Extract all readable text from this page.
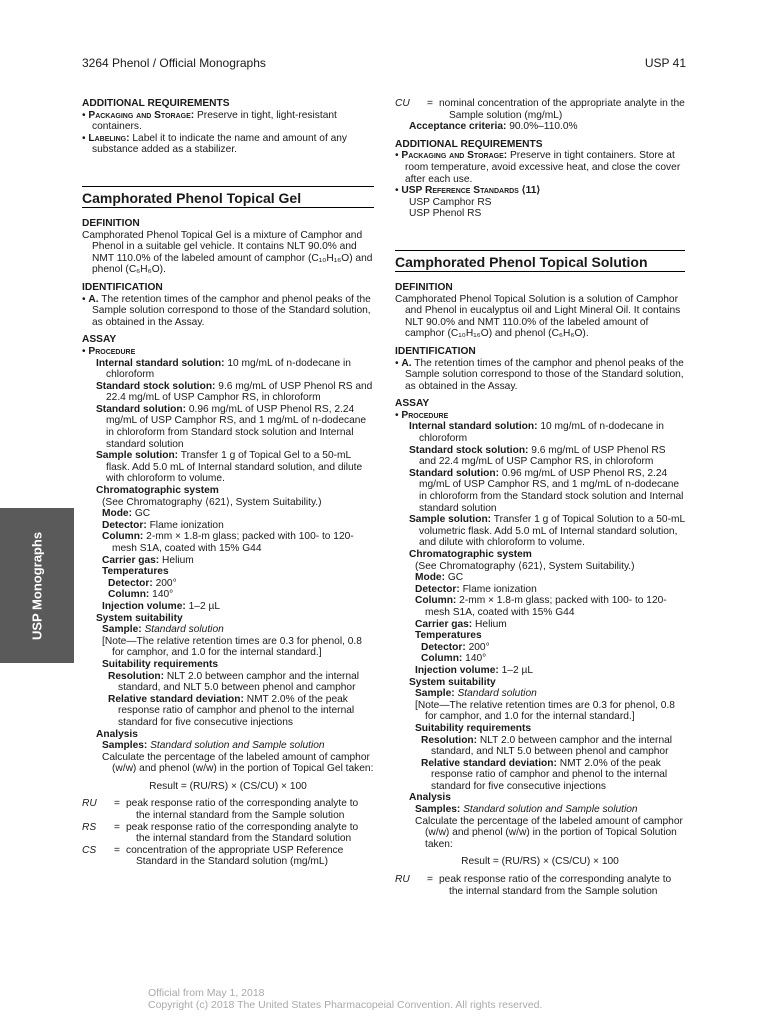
3264 Phenol / Official Monographs	USP 41
USP Monographs

ADDITIONAL REQUIREMENTS

• Packaging and Storage: Preserve in tight, light-resistant containers.

• Labeling: Label it to indicate the name and amount of any substance added as a stabilizer.

Camphorated Phenol Topical Gel

DEFINITION

Camphorated Phenol Topical Gel is a mixture of Camphor and Phenol in a suitable gel vehicle. It contains NLT 90.0% and NMT 110.0% of the labeled amount of camphor (C₁₀H₁₆O) and phenol (C₆H₆O).

IDENTIFICATION

• A. The retention times of the camphor and phenol peaks of the Sample solution correspond to those of the Standard solution, as obtained in the Assay.

ASSAY

• Procedure

Internal standard solution: 10 mg/mL of n-dodecane in chloroform

Standard stock solution: 9.6 mg/mL of USP Phenol RS and 22.4 mg/mL of USP Camphor RS, in chloroform

Standard solution: 0.96 mg/mL of USP Phenol RS, 2.24 mg/mL of USP Camphor RS, and 1 mg/mL of n-dodecane in chloroform from Standard stock solution and Internal standard solution

Sample solution: Transfer 1 g of Topical Gel to a 50-mL flask. Add 5.0 mL of Internal standard solution, and dilute with chloroform to volume.

Chromatographic system

(See Chromatography ⟨621⟩, System Suitability.)

Mode: GC

Detector: Flame ionization

Column: 2-mm × 1.8-m glass; packed with 100- to 120-mesh S1A, coated with 15% G44

Carrier gas: Helium

Temperatures

Detector: 200°

Column: 140°

Injection volume: 1–2 µL

System suitability

Sample: Standard solution

[Note—The relative retention times are 0.3 for phenol, 0.8 for camphor, and 1.0 for the internal standard.]

Suitability requirements

Resolution: NLT 2.0 between camphor and the internal standard, and NLT 5.0 between phenol and camphor

Relative standard deviation: NMT 2.0% of the peak response ratio of camphor and phenol to the internal standard for five consecutive injections

Analysis

Samples: Standard solution and Sample solution

Calculate the percentage of the labeled amount of camphor (w/w) and phenol (w/w) in the portion of Topical Gel taken:

Result = (RU/RS) × (CS/CU) × 100

RU	= peak response ratio of the corresponding analyte to the internal standard from the Sample solution
RS	= peak response ratio of the corresponding analyte to the internal standard from the Standard solution
CS	= concentration of the appropriate USP Reference Standard in the Standard solution (mg/mL)
CU	= nominal concentration of the appropriate analyte in the Sample solution (mg/mL)

Acceptance criteria: 90.0%–110.0%

ADDITIONAL REQUIREMENTS

• Packaging and Storage: Preserve in tight containers. Store at room temperature, avoid excessive heat, and close the cover after each use.

• USP Reference Standards ⟨11⟩

USP Camphor RS

USP Phenol RS

Camphorated Phenol Topical Solution

DEFINITION

Camphorated Phenol Topical Solution is a solution of Camphor and Phenol in eucalyptus oil and Light Mineral Oil. It contains NLT 90.0% and NMT 110.0% of the labeled amount of camphor (C₁₀H₁₆O) and phenol (C₆H₆O).

IDENTIFICATION

• A. The retention times of the camphor and phenol peaks of the Sample solution correspond to those of the Standard solution, as obtained in the Assay.

ASSAY

• Procedure

Internal standard solution: 10 mg/mL of n-dodecane in chloroform

Standard stock solution: 9.6 mg/mL of USP Phenol RS and 22.4 mg/mL of USP Camphor RS, in chloroform

Standard solution: 0.96 mg/mL of USP Phenol RS, 2.24 mg/mL of USP Camphor RS, and 1 mg/mL of n-dodecane in chloroform from the Standard stock solution and Internal standard solution

Sample solution: Transfer 1 g of Topical Solution to a 50-mL volumetric flask. Add 5.0 mL of Internal standard solution, and dilute with chloroform to volume.

Chromatographic system

(See Chromatography ⟨621⟩, System Suitability.)

Mode: GC

Detector: Flame ionization

Column: 2-mm × 1.8-m glass; packed with 100- to 120-mesh S1A, coated with 15% G44

Carrier gas: Helium

Temperatures

Detector: 200°

Column: 140°

Injection volume: 1–2 µL

System suitability

Sample: Standard solution

[Note—The relative retention times are 0.3 for phenol, 0.8 for camphor, and 1.0 for the internal standard.]

Suitability requirements

Resolution: NLT 2.0 between camphor and the internal standard, and NLT 5.0 between phenol and camphor

Relative standard deviation: NMT 2.0% of the peak response ratio of camphor and phenol to the internal standard for five consecutive injections

Analysis

Samples: Standard solution and Sample solution

Calculate the percentage of the labeled amount of camphor (w/w) and phenol (w/w) in the portion of Topical Solution taken:

Result = (RU/RS) × (CS/CU) × 100

RU	= peak response ratio of the corresponding analyte to the internal standard from the Sample solution
Official from May 1, 2018
Copyright (c) 2018 The United States Pharmacopeial Convention. All rights reserved.
